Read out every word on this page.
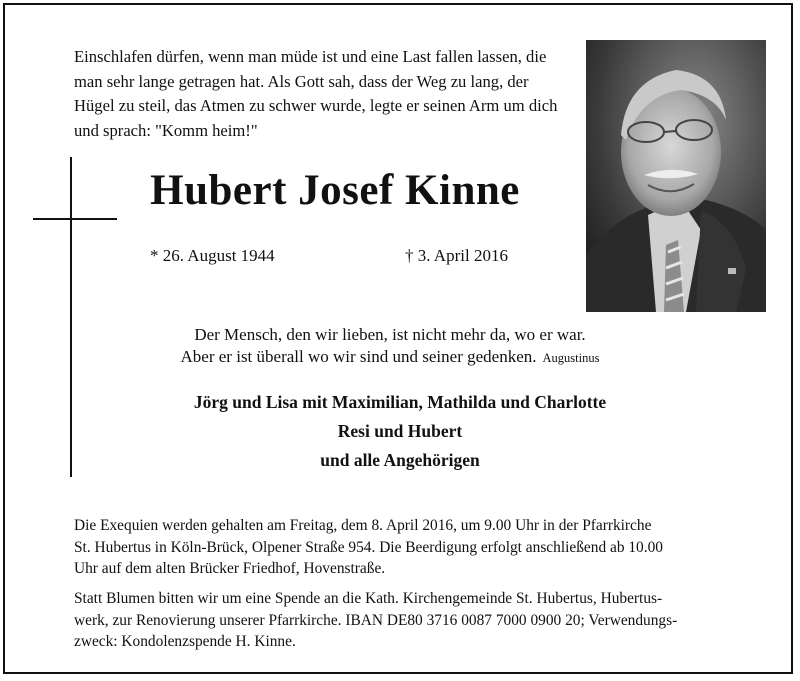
Einschlafen dürfen, wenn man müde ist und eine Last fallen lassen, die
man sehr lange getragen hat. Als Gott sah, dass der Weg zu lang, der
Hügel zu steil, das Atmen zu schwer wurde, legte er seinen Arm um dich
und sprach: "Komm heim!"
Hubert Josef Kinne
* 26. August 1944	† 3. April 2016
Der Mensch, den wir lieben, ist nicht mehr da, wo er war.
Aber er ist überall wo wir sind und seiner gedenken. Augustinus
Jörg und Lisa mit Maximilian, Mathilda und Charlotte
Resi und Hubert
und alle Angehörigen
Die Exequien werden gehalten am Freitag, dem 8. April 2016, um 9.00 Uhr in der Pfarrkirche
St. Hubertus in Köln-Brück, Olpener Straße 954. Die Beerdigung erfolgt anschließend ab 10.00
Uhr auf dem alten Brücker Friedhof, Hovenstraße.
Statt Blumen bitten wir um eine Spende an die Kath. Kirchengemeinde St. Hubertus, Hubertus-
werk, zur Renovierung unserer Pfarrkirche. IBAN DE80 3716 0087 7000 0900 20; Verwendungs-
zweck: Kondolenzspende H. Kinne.
